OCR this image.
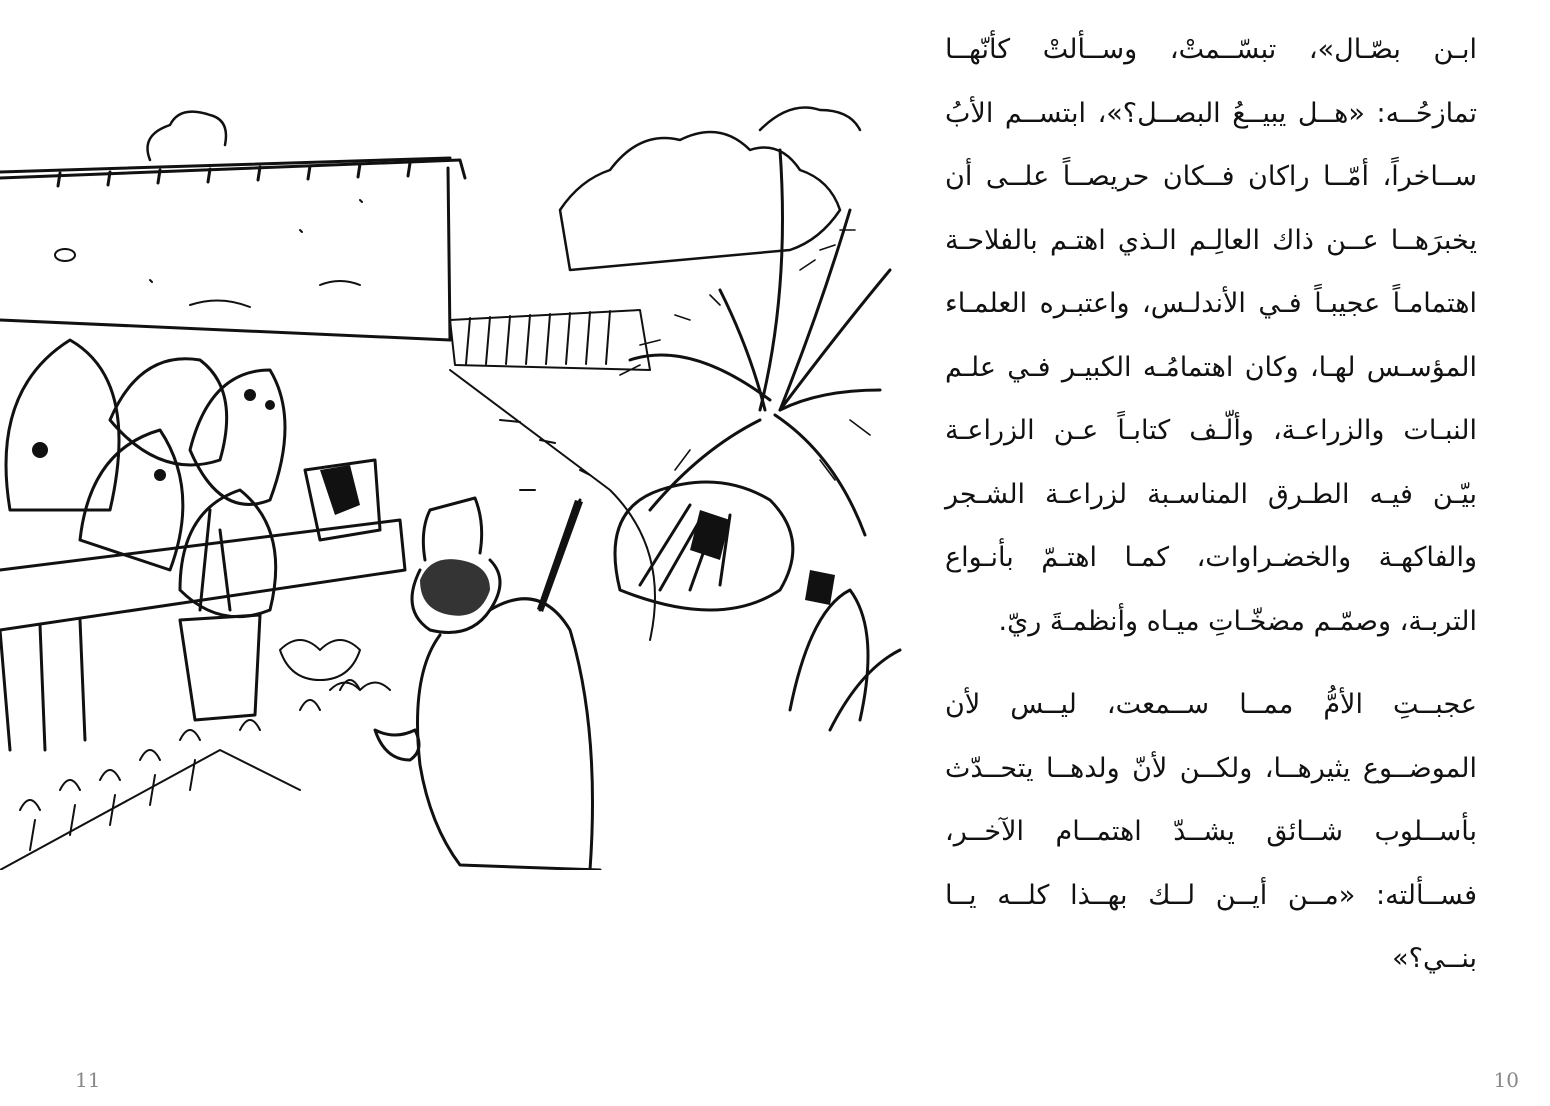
ابـن بصّـال»، تبسّــمتْ، وســألتْ كأنّهــا تمازحُــه: «هــل يبيــعُ البصــل؟»، ابتســم الأبُ ســاخراً، أمّــا راكان فــكان حريصــاً علــى أن يخبرَهــا عــن ذاك العالِـم الـذي اهتـم بالفلاحـة اهتمامـاً عجيبـاً فـي الأندلـس، واعتبـره العلمـاء المؤسـس لهـا، وكان اهتمامُـه الكبيـر فـي علـم النبـات والزراعـة، وألّـف كتابـاً عـن الزراعـة بيّـن فيـه الطـرق المناسـبة لزراعـة الشـجر والفاكهـة والخضـراوات، كمـا اهتـمّ بأنـواع التربـة، وصمّـم مضخّـاتِ ميـاه وأنظمـةَ ريّ.

عجبــتِ الأمُّ ممــا ســمعت، ليــس لأن الموضــوع يثيرهــا، ولكــن لأنّ ولدهــا يتحــدّث بأســلوب شــائق يشــدّ اهتمــام الآخــر، فســألته: «مــن أيــن لــك بهــذا كلــه يــا بنــي؟»

11	10
